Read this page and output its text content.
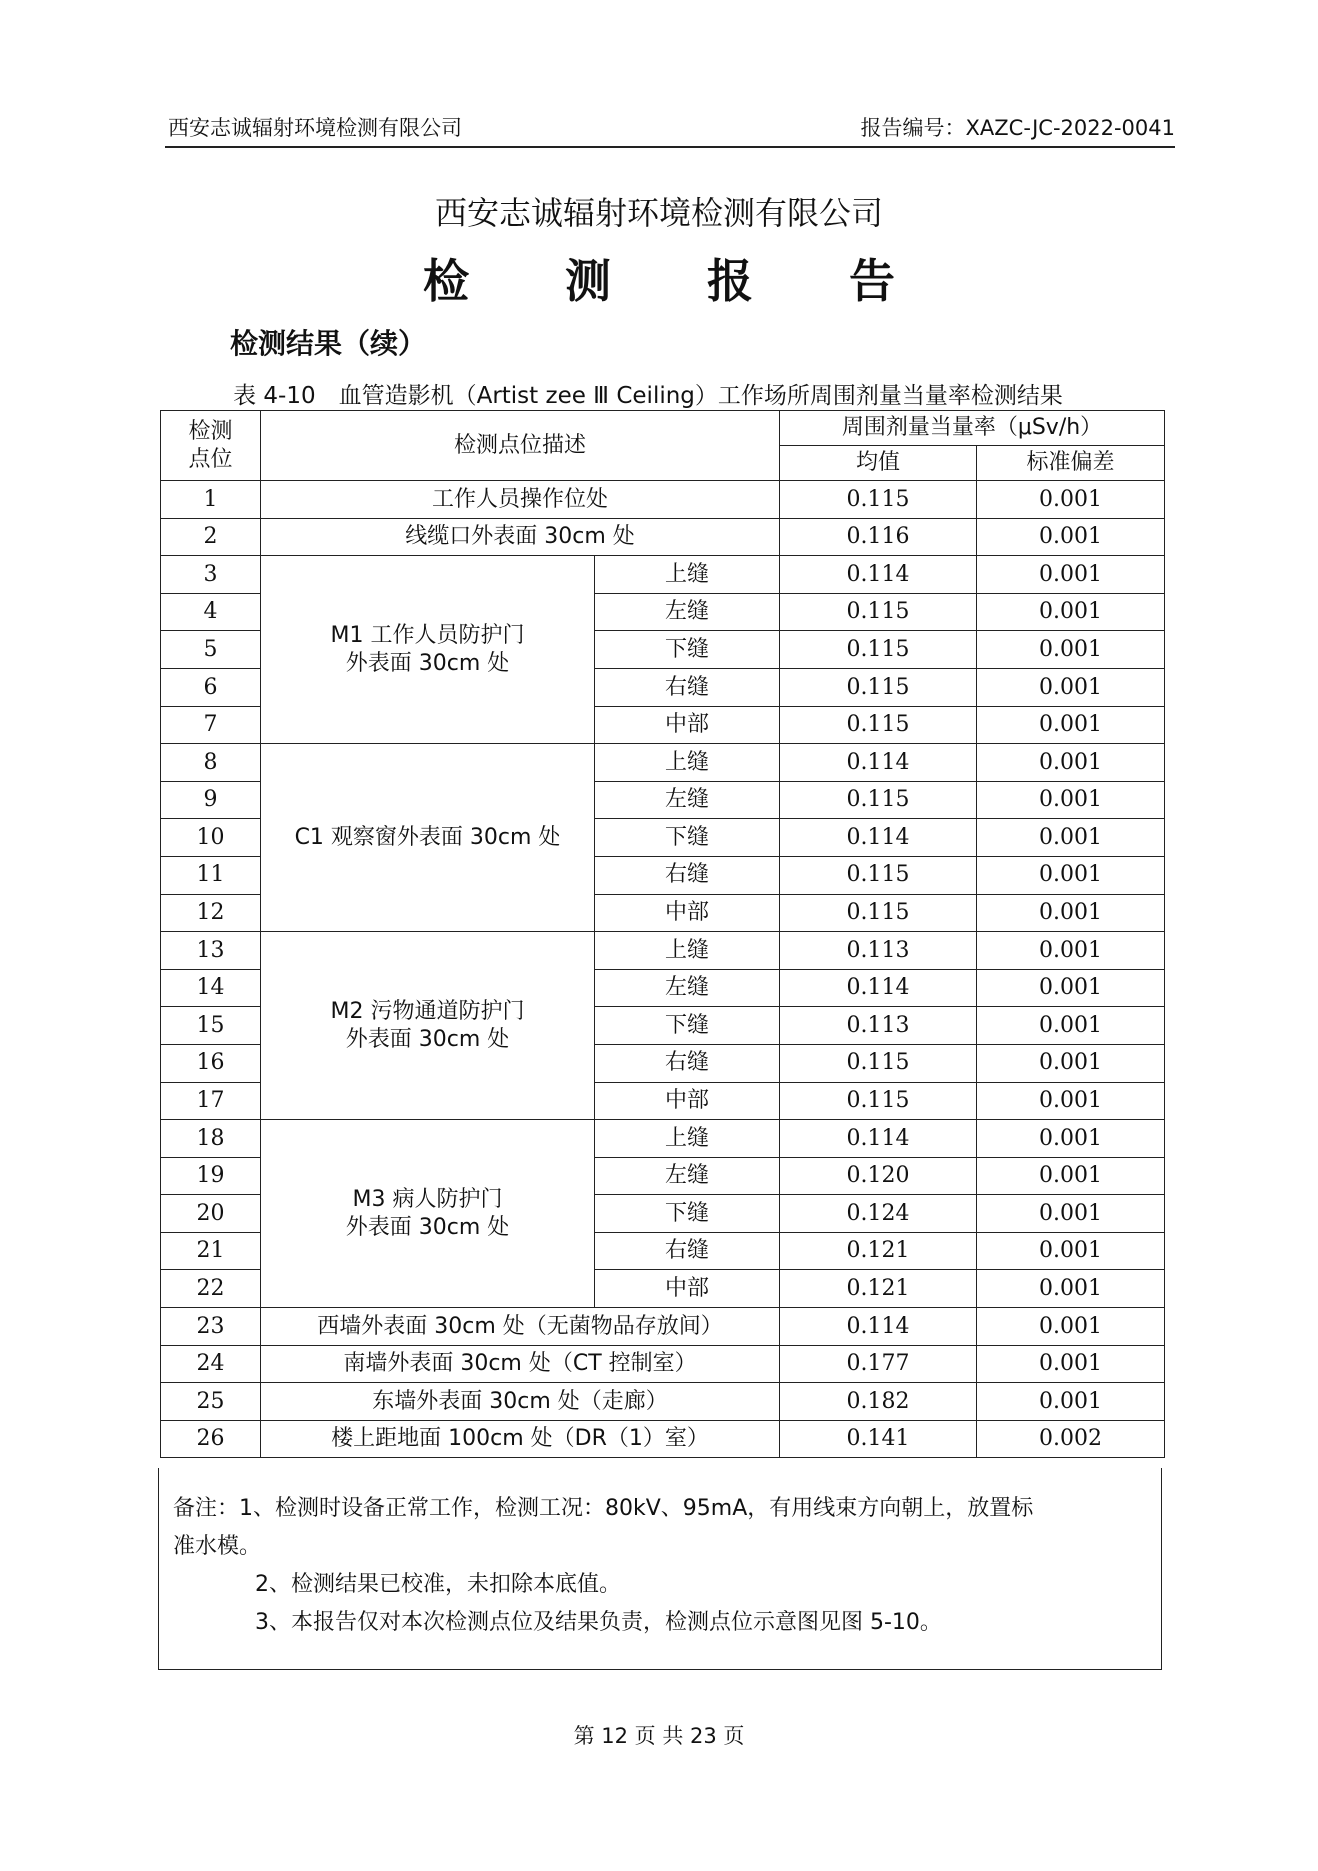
西安志诚辐射环境检测有限公司	报告编号：XAZC-JC-2022-0041
西安志诚辐射环境检测有限公司
检 测 报 告
检测结果（续）
表 4-10　血管造影机（Artist zee Ⅲ Ceiling）工作场所周围剂量当量率检测结果
检测
点位	检测点位描述		周围剂量当量率（μSv/h）	
			均值	标准偏差
1	工作人员操作位处		0.115	0.001
2	线缆口外表面 30cm 处		0.116	0.001
3	M1 工作人员防护门
外表面 30cm 处	上缝	0.114	0.001
4		左缝	0.115	0.001
5		下缝	0.115	0.001
6		右缝	0.115	0.001
7		中部	0.115	0.001
8	C1 观察窗外表面 30cm 处	上缝	0.114	0.001
9		左缝	0.115	0.001
10		下缝	0.114	0.001
11		右缝	0.115	0.001
12		中部	0.115	0.001
13	M2 污物通道防护门
外表面 30cm 处	上缝	0.113	0.001
14		左缝	0.114	0.001
15		下缝	0.113	0.001
16		右缝	0.115	0.001
17		中部	0.115	0.001
18	M3 病人防护门
外表面 30cm 处	上缝	0.114	0.001
19		左缝	0.120	0.001
20		下缝	0.124	0.001
21		右缝	0.121	0.001
22		中部	0.121	0.001
23	西墙外表面 30cm 处（无菌物品存放间）		0.114	0.001
24	南墙外表面 30cm 处（CT 控制室）		0.177	0.001
25	东墙外表面 30cm 处（走廊）		0.182	0.001
26	楼上距地面 100cm 处（DR（1）室）		0.141	0.002
备注：1、检测时设备正常工作，检测工况：80kV、95mA，有用线束方向朝上，放置标
准水模。
2、检测结果已校准，未扣除本底值。
3、本报告仅对本次检测点位及结果负责，检测点位示意图见图 5-10。
第 12 页 共 23 页
